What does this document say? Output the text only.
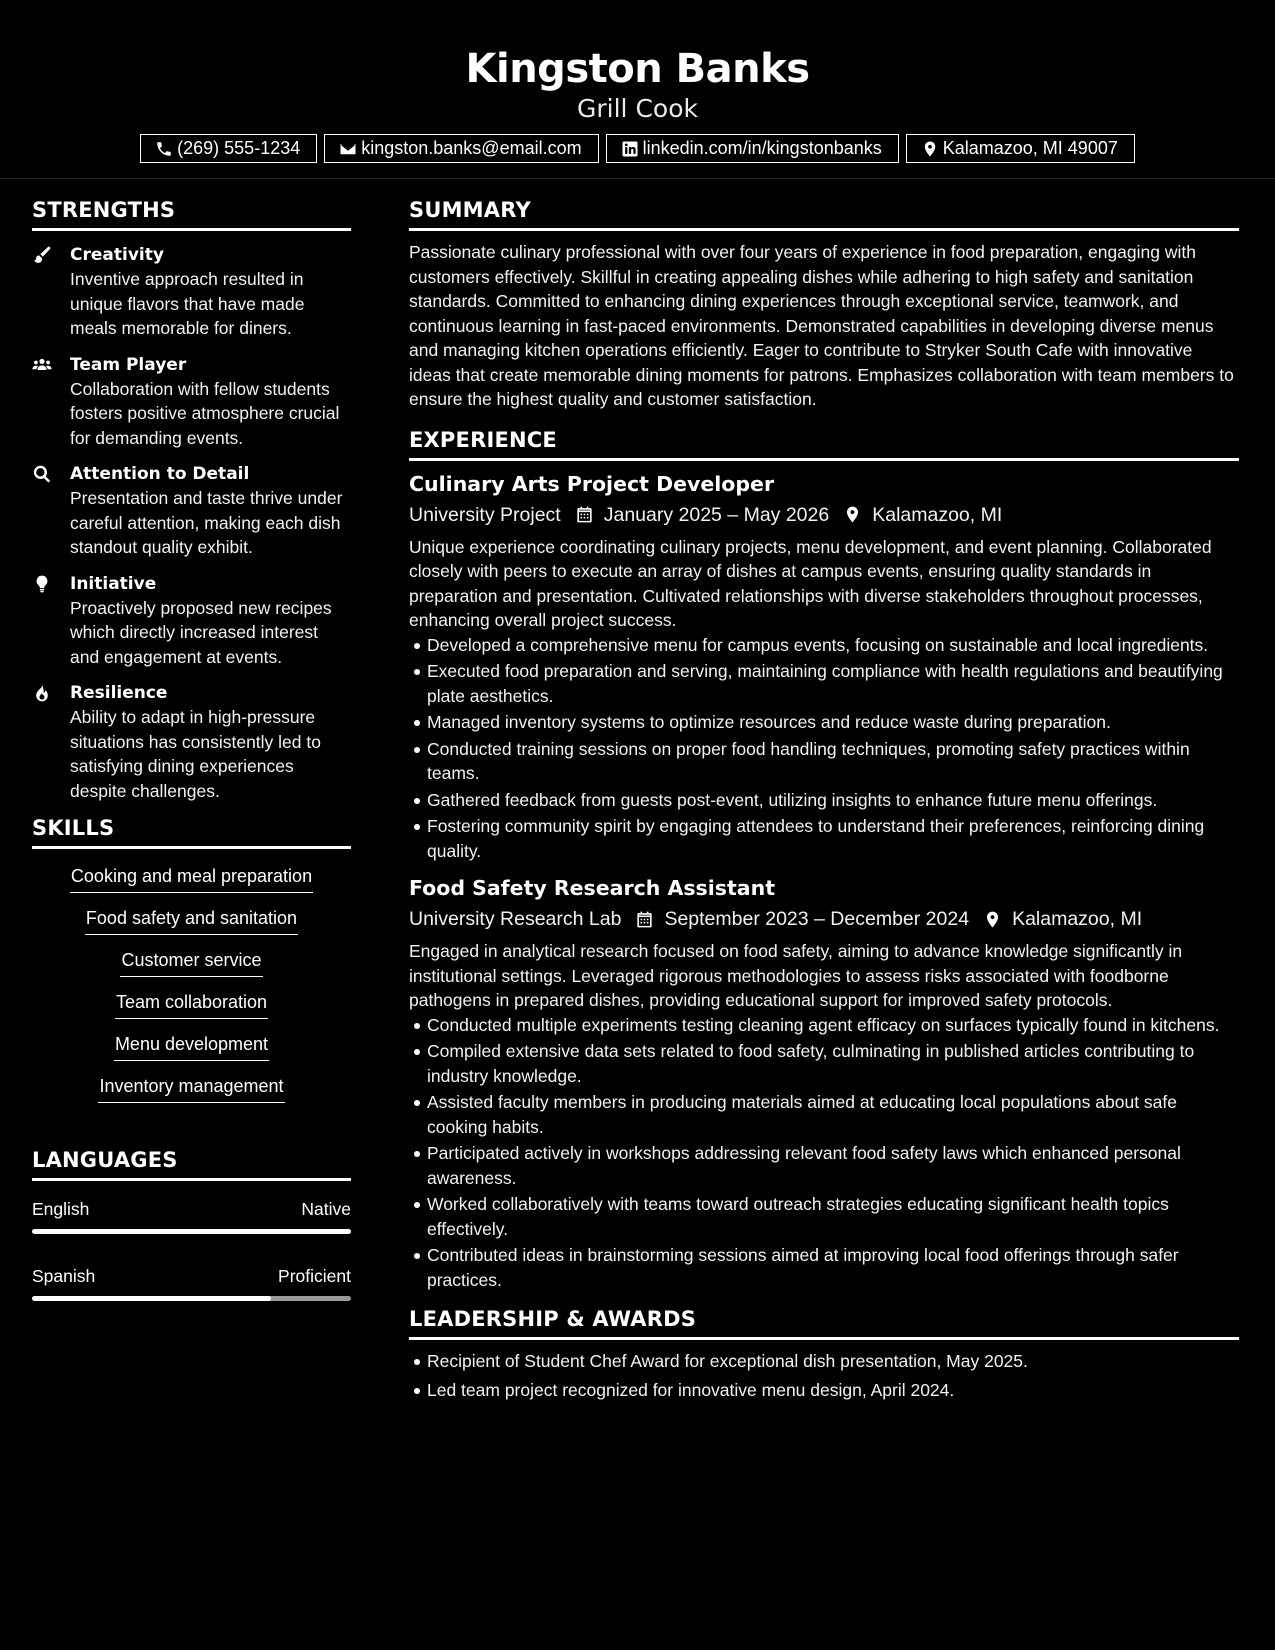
Kingston Banks
Grill Cook
(269) 555-1234	kingston.banks@email.com	linkedin.com/in/kingstonbanks	Kalamazoo, MI 49007
STRENGTHS
Creativity
Inventive approach resulted in unique flavors that have made meals memorable for diners.
Team Player
Collaboration with fellow students fosters positive atmosphere crucial for demanding events.
Attention to Detail
Presentation and taste thrive under careful attention, making each dish standout quality exhibit.
Initiative
Proactively proposed new recipes which directly increased interest and engagement at events.
Resilience
Ability to adapt in high-pressure situations has consistently led to satisfying dining experiences despite challenges.
SKILLS
Cooking and meal preparation
Food safety and sanitation
Customer service
Team collaboration
Menu development
Inventory management
LANGUAGES
English	Native
Spanish	Proficient
SUMMARY

Passionate culinary professional with over four years of experience in food preparation, engaging with customers effectively. Skillful in creating appealing dishes while adhering to high safety and sanitation standards. Committed to enhancing dining experiences through exceptional service, teamwork, and continuous learning in fast-paced environments. Demonstrated capabilities in developing diverse menus and managing kitchen operations efficiently. Eager to contribute to Stryker South Cafe with innovative ideas that create memorable dining moments for patrons. Emphasizes collaboration with team members to ensure the highest quality and customer satisfaction.

EXPERIENCE
Culinary Arts Project Developer
University Project January 2025 – May 2026 Kalamazoo, MI

Unique experience coordinating culinary projects, menu development, and event planning. Collaborated closely with peers to execute an array of dishes at campus events, ensuring quality standards in preparation and presentation. Cultivated relationships with diverse stakeholders throughout processes, enhancing overall project success.

Developed a comprehensive menu for campus events, focusing on sustainable and local ingredients.
Executed food preparation and serving, maintaining compliance with health regulations and beautifying plate aesthetics.
Managed inventory systems to optimize resources and reduce waste during preparation.
Conducted training sessions on proper food handling techniques, promoting safety practices within teams.
Gathered feedback from guests post-event, utilizing insights to enhance future menu offerings.
Fostering community spirit by engaging attendees to understand their preferences, reinforcing dining quality.
Food Safety Research Assistant
University Research Lab September 2023 – December 2024 Kalamazoo, MI

Engaged in analytical research focused on food safety, aiming to advance knowledge significantly in institutional settings. Leveraged rigorous methodologies to assess risks associated with foodborne pathogens in prepared dishes, providing educational support for improved safety protocols.

Conducted multiple experiments testing cleaning agent efficacy on surfaces typically found in kitchens.
Compiled extensive data sets related to food safety, culminating in published articles contributing to industry knowledge.
Assisted faculty members in producing materials aimed at educating local populations about safe cooking habits.
Participated actively in workshops addressing relevant food safety laws which enhanced personal awareness.
Worked collaboratively with teams toward outreach strategies educating significant health topics effectively.
Contributed ideas in brainstorming sessions aimed at improving local food offerings through safer practices.
LEADERSHIP & AWARDS
Recipient of Student Chef Award for exceptional dish presentation, May 2025.
Led team project recognized for innovative menu design, April 2024.
